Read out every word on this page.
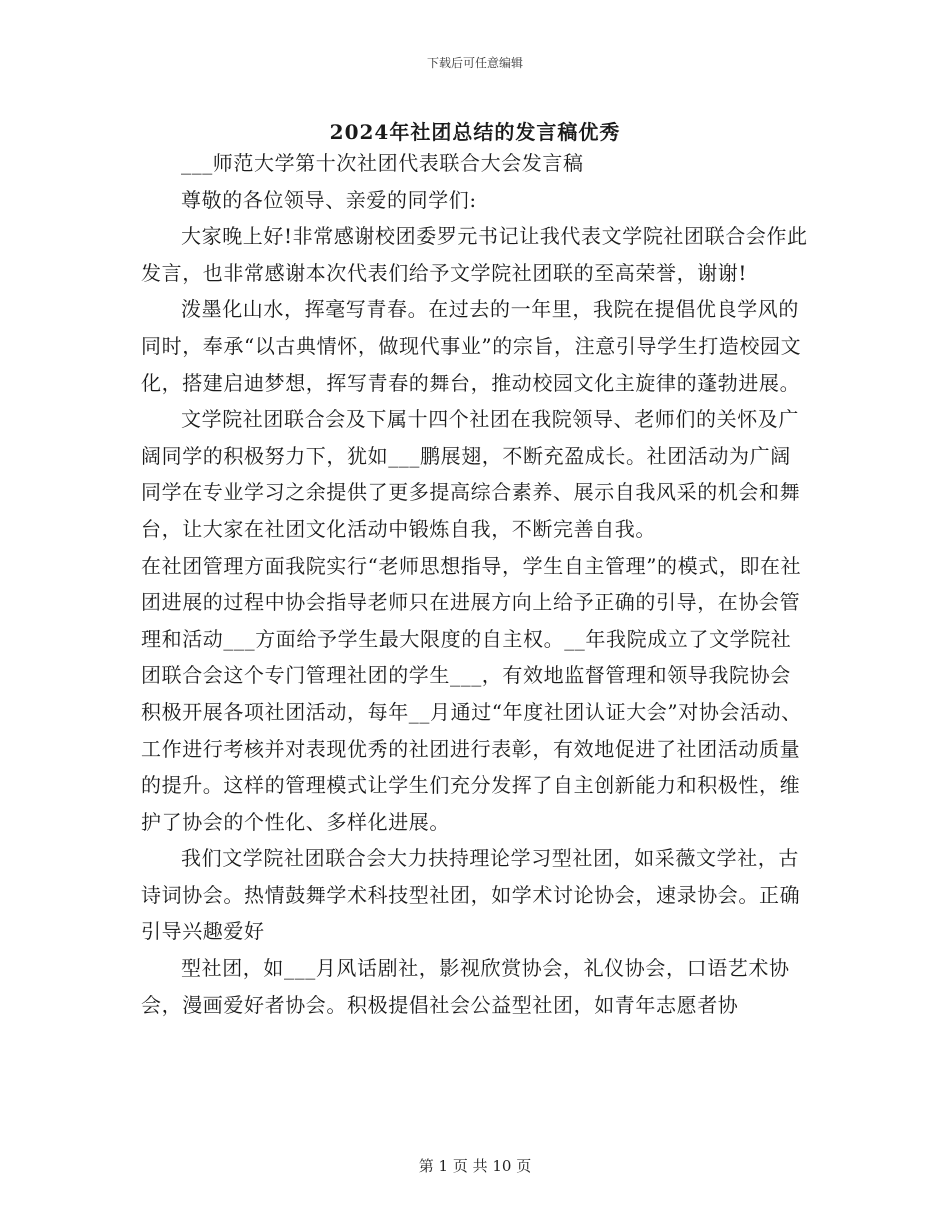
下载后可任意编辑
2024年社团总结的发言稿优秀

___师范大学第十次社团代表联合大会发言稿

尊敬的各位领导、亲爱的同学们:

大家晚上好!非常感谢校团委罗元书记让我代表文学院社团联合会作此发言，也非常感谢本次代表们给予文学院社团联的至高荣誉，谢谢!

泼墨化山水，挥毫写青春。在过去的一年里，我院在提倡优良学风的同时，奉承“以古典情怀，做现代事业”的宗旨，注意引导学生打造校园文化，搭建启迪梦想，挥写青春的舞台，推动校园文化主旋律的蓬勃进展。

文学院社团联合会及下属十四个社团在我院领导、老师们的关怀及广阔同学的积极努力下，犹如___鹏展翅，不断充盈成长。社团活动为广阔同学在专业学习之余提供了更多提高综合素养、展示自我风采的机会和舞台，让大家在社团文化活动中锻炼自我，不断完善自我。

在社团管理方面我院实行“老师思想指导，学生自主管理”的模式，即在社团进展的过程中协会指导老师只在进展方向上给予正确的引导，在协会管理和活动___方面给予学生最大限度的自主权。__年我院成立了文学院社团联合会这个专门管理社团的学生___，有效地监督管理和领导我院协会积极开展各项社团活动，每年__月通过“年度社团认证大会”对协会活动、工作进行考核并对表现优秀的社团进行表彰，有效地促进了社团活动质量的提升。这样的管理模式让学生们充分发挥了自主创新能力和积极性，维护了协会的个性化、多样化进展。

我们文学院社团联合会大力扶持理论学习型社团，如采薇文学社，古诗词协会。热情鼓舞学术科技型社团，如学术讨论协会，速录协会。正确引导兴趣爱好

型社团，如___月风话剧社，影视欣赏协会，礼仪协会，口语艺术协会，漫画爱好者协会。积极提倡社会公益型社团，如青年志愿者协

第 1 页 共 10 页
